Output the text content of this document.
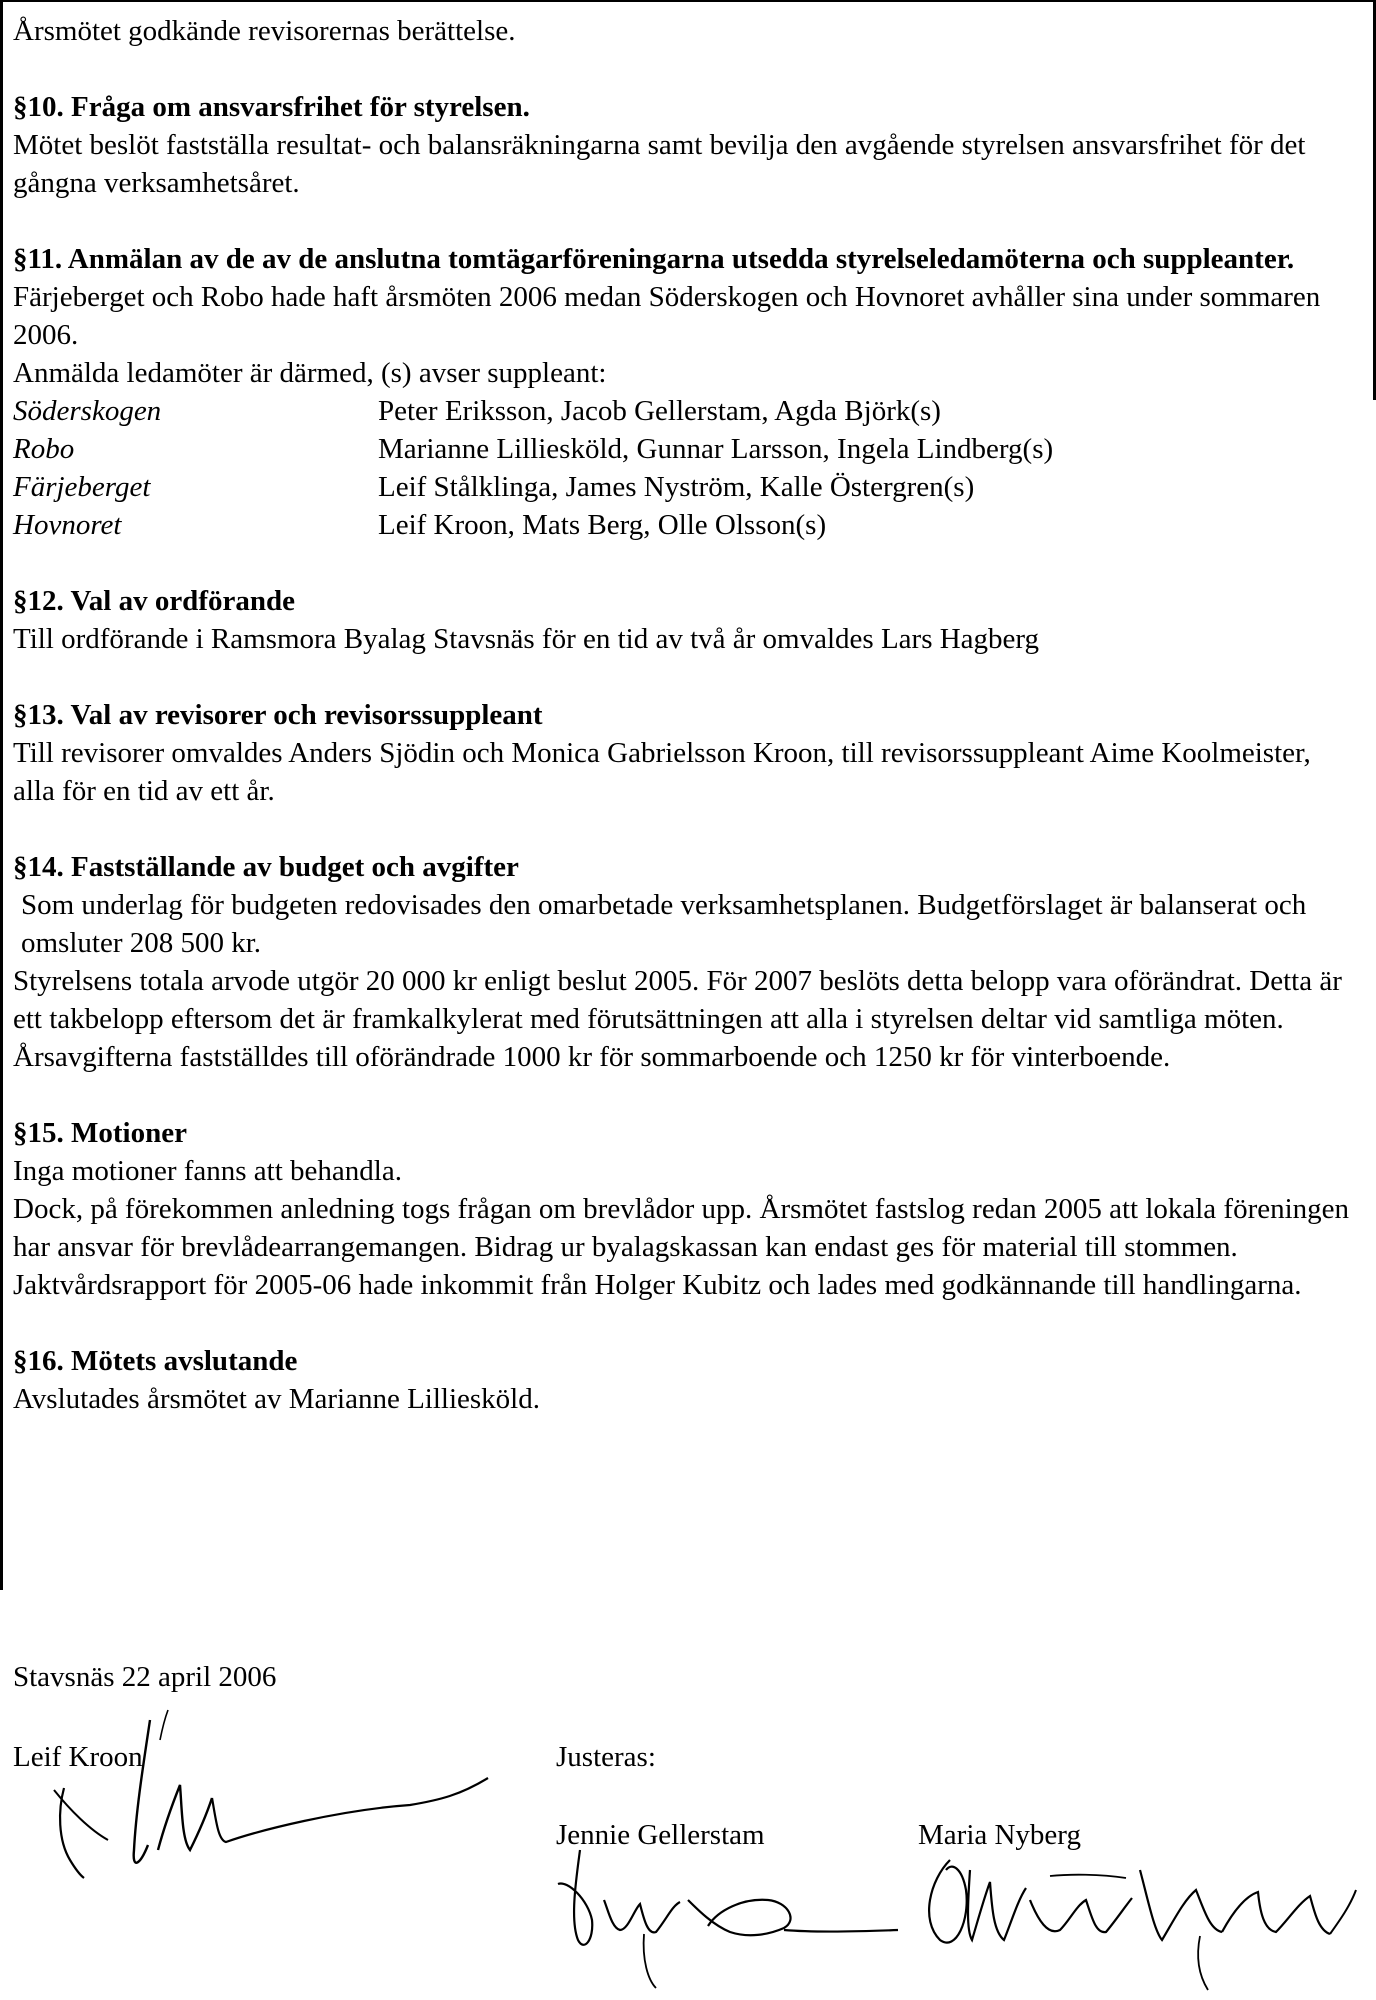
Årsmötet godkände revisorernas berättelse.

§10. Fråga om ansvarsfrihet för styrelsen.

Mötet beslöt fastställa resultat- och balansräkningarna samt bevilja den avgående styrelsen ansvarsfrihet för det gångna verksamhetsåret.

§11. Anmälan av de av de anslutna tomtägarföreningarna utsedda styrelseledamöterna och suppleanter.

Färjeberget och Robo hade haft årsmöten 2006 medan Söderskogen och Hovnoret avhåller sina under sommaren 2006.

Anmälda ledamöter är därmed, (s) avser suppleant:

Söderskogen	Peter Eriksson, Jacob Gellerstam, Agda Björk(s)
Robo	Marianne Lilliesköld, Gunnar Larsson, Ingela Lindberg(s)
Färjeberget	Leif Stålklinga, James Nyström, Kalle Östergren(s)
Hovnoret	Leif Kroon, Mats Berg, Olle Olsson(s)

§12. Val av ordförande

Till ordförande i Ramsmora Byalag Stavsnäs för en tid av två år omvaldes Lars Hagberg

§13. Val av revisorer och revisorssuppleant

Till revisorer omvaldes Anders Sjödin och Monica Gabrielsson Kroon, till revisorssuppleant Aime Koolmeister, alla för en tid av ett år.

§14. Fastställande av budget och avgifter

Som underlag för budgeten redovisades den omarbetade verksamhetsplanen. Budgetförslaget är balanserat och omsluter 208 500 kr.

Styrelsens totala arvode utgör 20 000 kr enligt beslut 2005. För 2007 beslöts detta belopp vara oförändrat. Detta är ett takbelopp eftersom det är framkalkylerat med förutsättningen att alla i styrelsen deltar vid samtliga möten.

Årsavgifterna fastställdes till oförändrade 1000 kr för sommarboende och 1250 kr för vinterboende.

§15. Motioner

Inga motioner fanns att behandla.

Dock, på förekommen anledning togs frågan om brevlådor upp. Årsmötet fastslog redan 2005 att lokala föreningen har ansvar för brevlådearrangemangen. Bidrag ur byalagskassan kan endast ges för material till stommen.

Jaktvårdsrapport för 2005-06 hade inkommit från Holger Kubitz och lades med godkännande till handlingarna.

§16. Mötets avslutande

Avslutades årsmötet av Marianne Lilliesköld.

Stavsnäs 22 april 2006
Leif Kroon	Justeras:
Jennie Gellerstam	Maria Nyberg
